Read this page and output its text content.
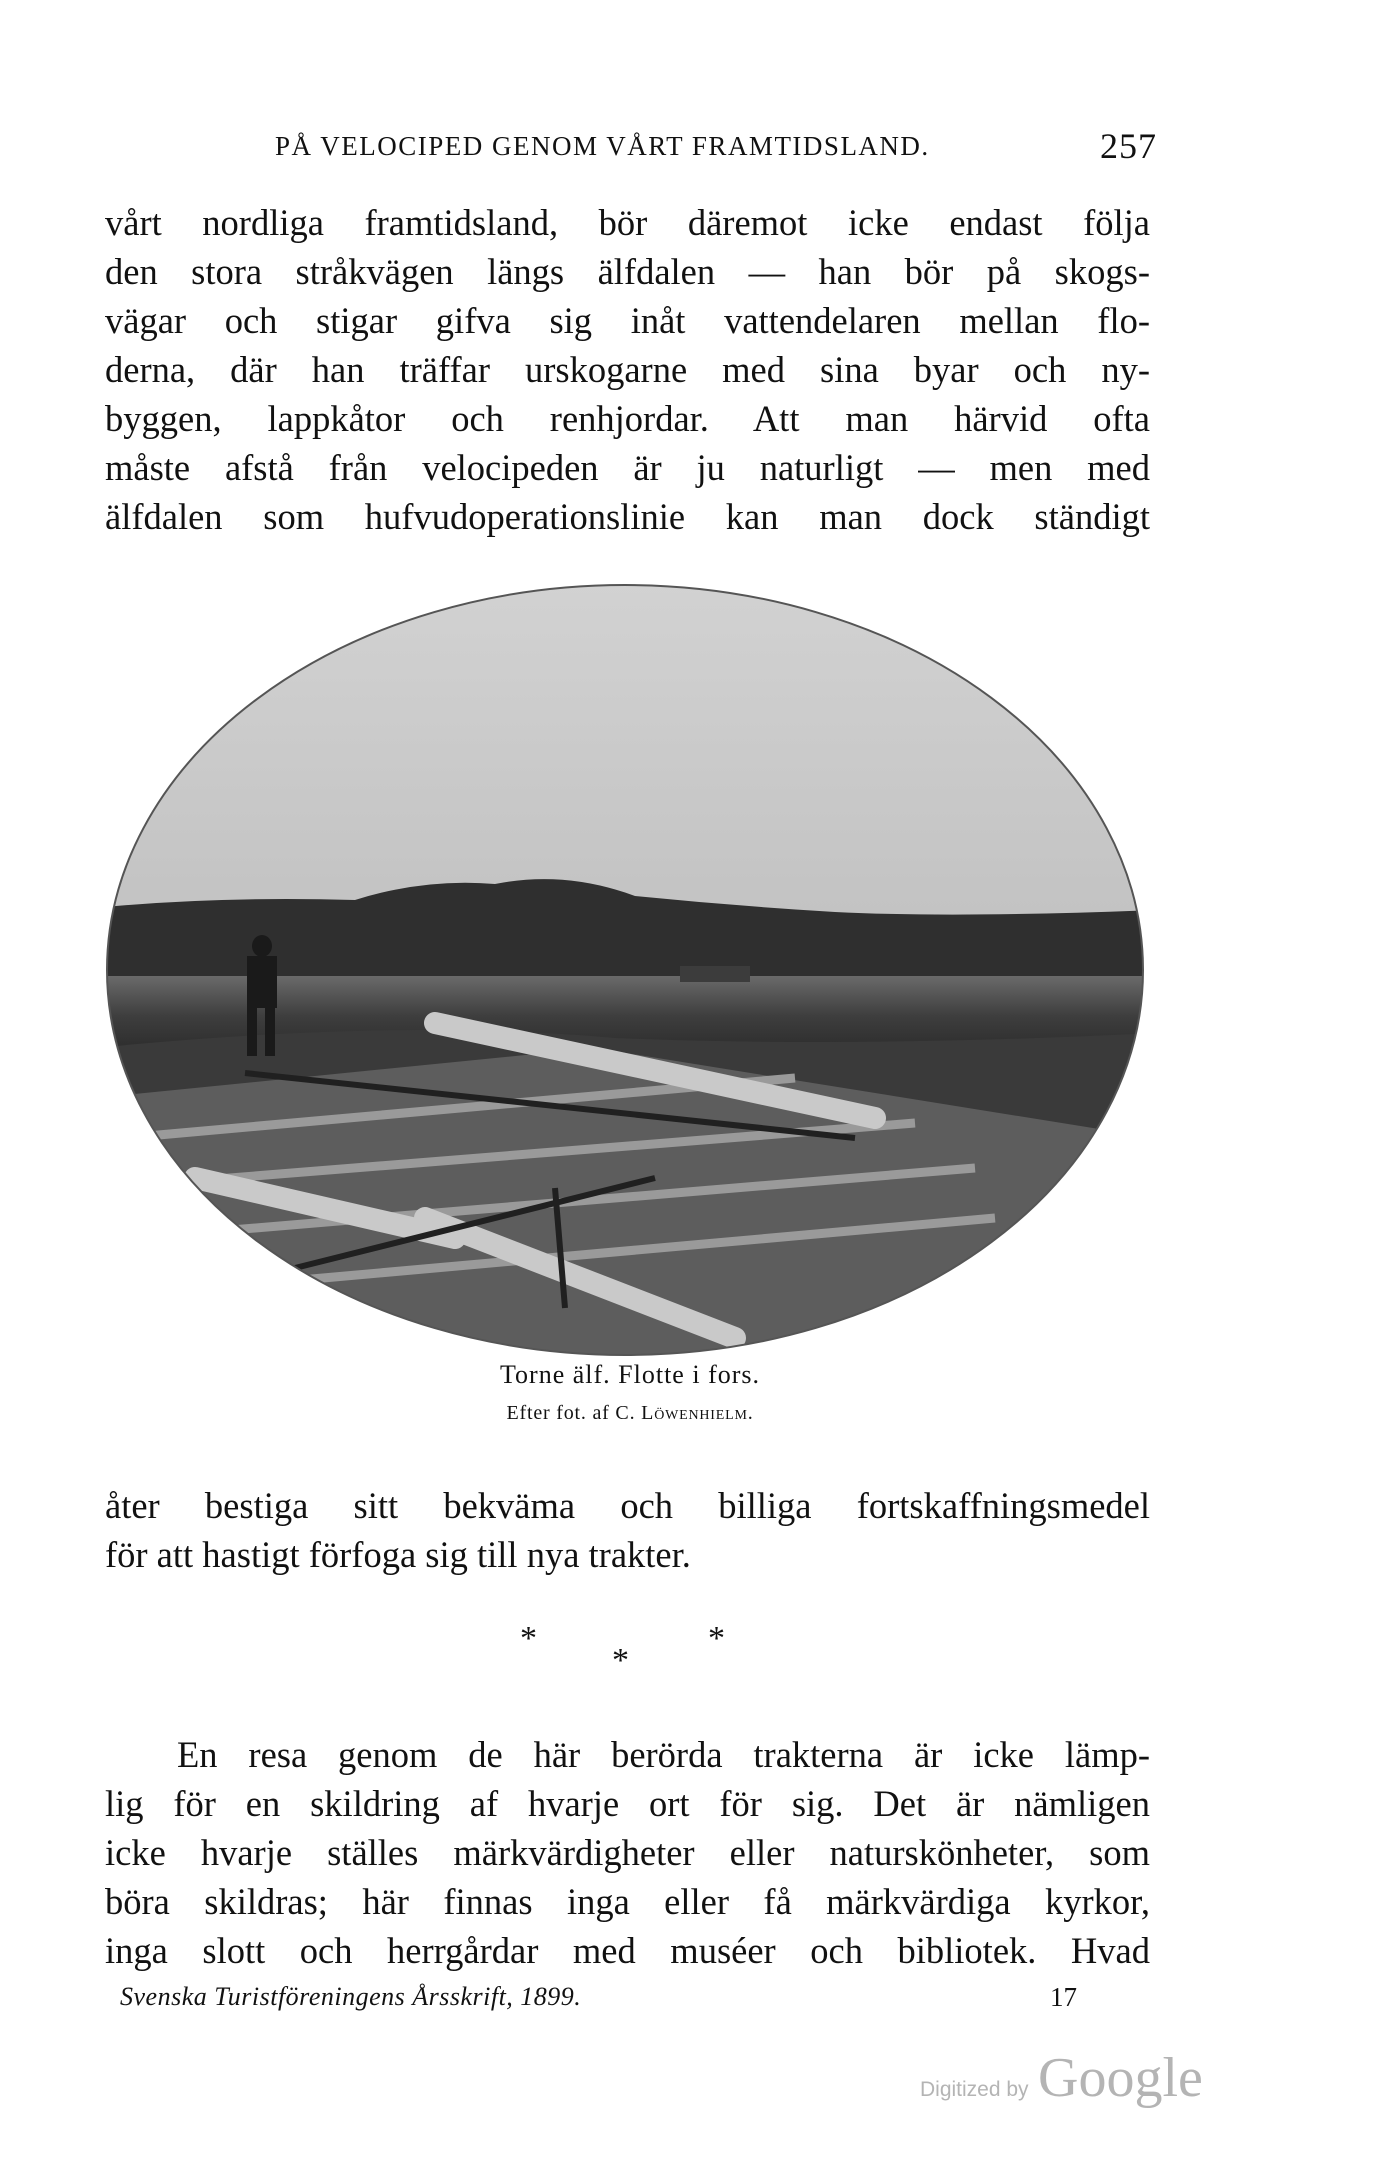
PÅ VELOCIPED GENOM VÅRT FRAMTIDSLAND.	257
vårt nordliga framtidsland, bör däremot icke endast följa
den stora stråkvägen längs älfdalen — han bör på skogs-
vägar och stigar gifva sig inåt vattendelaren mellan flo-
derna, där han träffar urskogarne med sina byar och ny-
byggen, lappkåtor och renhjordar. Att man härvid ofta
måste afstå från velocipeden är ju naturligt — men med
älfdalen som hufvudoperationslinie kan man dock ständigt
Torne älf. Flotte i fors.
Efter fot. af C. Löwenhielm.
åter bestiga sitt bekväma och billiga fortskaffningsmedel
för att hastigt förfoga sig till nya trakter.
*
*
*
En resa genom de här berörda trakterna är icke lämp-
lig för en skildring af hvarje ort för sig. Det är nämligen
icke hvarje ställes märkvärdigheter eller naturskönheter, som
böra skildras; här finnas inga eller få märkvärdiga kyrkor,
inga slott och herrgårdar med muséer och bibliotek. Hvad
Svenska Turistföreningens Årsskrift, 1899.	17
Digitized by Google
